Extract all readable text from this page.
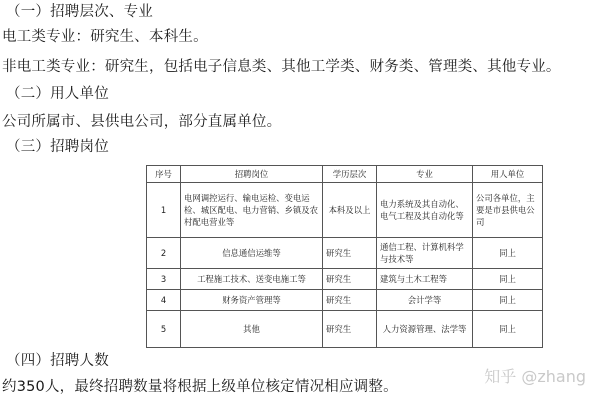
（一）招聘层次、专业
电工类专业：研究生、本科生。
非电工类专业：研究生，包括电子信息类、其他工学类、财务类、管理类、其他专业。
（二）用人单位
公司所属市、县供电公司，部分直属单位。
（三）招聘岗位
序号	招聘岗位	学历层次	专业	用人单位
1	电网调控运行、输电运检、变电运检、城区配电、电力营销、乡镇及农村配电营业等	本科及以上	电力系统及其自动化、电气工程及其自动化等	公司各单位，主要是市县供电公司
2	信息通信运维等	研究生	通信工程、计算机科学与技术等	同上
3	工程施工技术、送变电施工等	研究生	建筑与土木工程等	同上
4	财务资产管理等	研究生	会计学等	同上
5	其他	研究生	人力资源管理、法学等	同上
（四）招聘人数
约350人，最终招聘数量将根据上级单位核定情况相应调整。
知乎 @zhang
